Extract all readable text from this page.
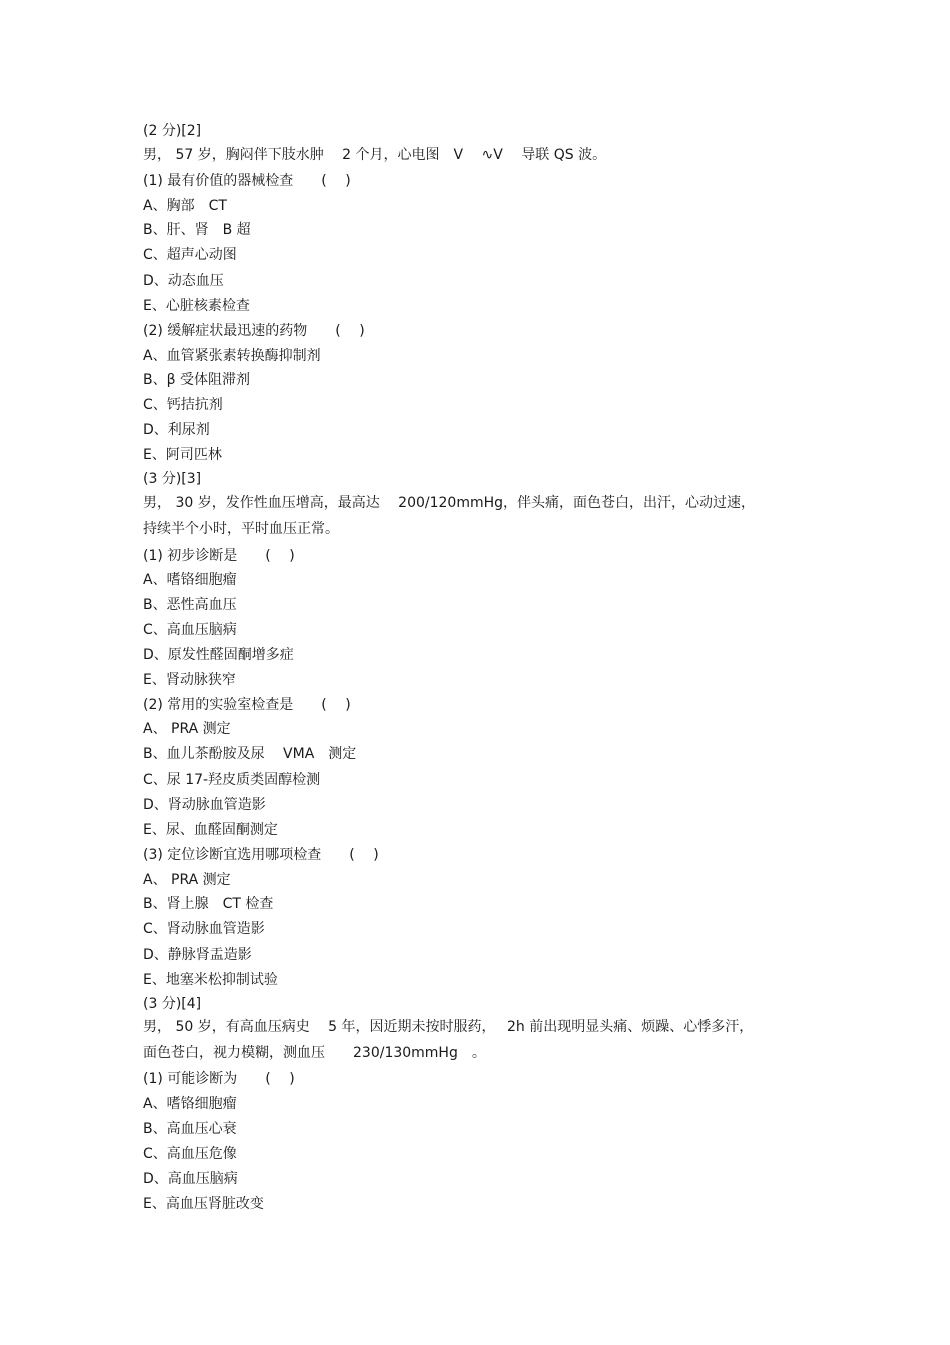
(2 分)[2]
男， 57 岁，胸闷伴下肢水肿　 2 个月，心电图　V　 ∿V　 导联 QS 波。
(1) 最有价值的器械检查　　(　 )
A、胸部　CT
B、肝、肾　B 超
C、超声心动图
D、动态血压
E、心脏核素检查
(2) 缓解症状最迅速的药物　　(　 )
A、血管紧张素转换酶抑制剂
B、β 受体阻滞剂
C、钙拮抗剂
D、利尿剂
E、阿司匹林
(3 分)[3]
男， 30 岁，发作性血压增高，最高达　 200/120mmHg，伴头痛，面色苍白，出汗，心动过速，
持续半个小时，平时血压正常。
(1) 初步诊断是　　(　 )
A、嗜铬细胞瘤
B、恶性高血压
C、高血压脑病
D、原发性醛固酮增多症
E、肾动脉狭窄
(2) 常用的实验室检查是　　(　 )
A、 PRA 测定
B、血儿茶酚胺及尿　 VMA　测定
C、尿 17-羟皮质类固醇检测
D、肾动脉血管造影
E、尿、血醛固酮测定
(3) 定位诊断宜选用哪项检查　　(　 )
A、 PRA 测定
B、肾上腺　CT 检查
C、肾动脉血管造影
D、静脉肾盂造影
E、地塞米松抑制试验
(3 分)[4]
男， 50 岁，有高血压病史　 5 年，因近期未按时服药，　 2h 前出现明显头痛、烦躁、心悸多汗，
面色苍白，视力模糊，测血压　　230/130mmHg　。
(1) 可能诊断为　　(　 )
A、嗜铬细胞瘤
B、高血压心衰
C、高血压危像
D、高血压脑病
E、高血压肾脏改变
